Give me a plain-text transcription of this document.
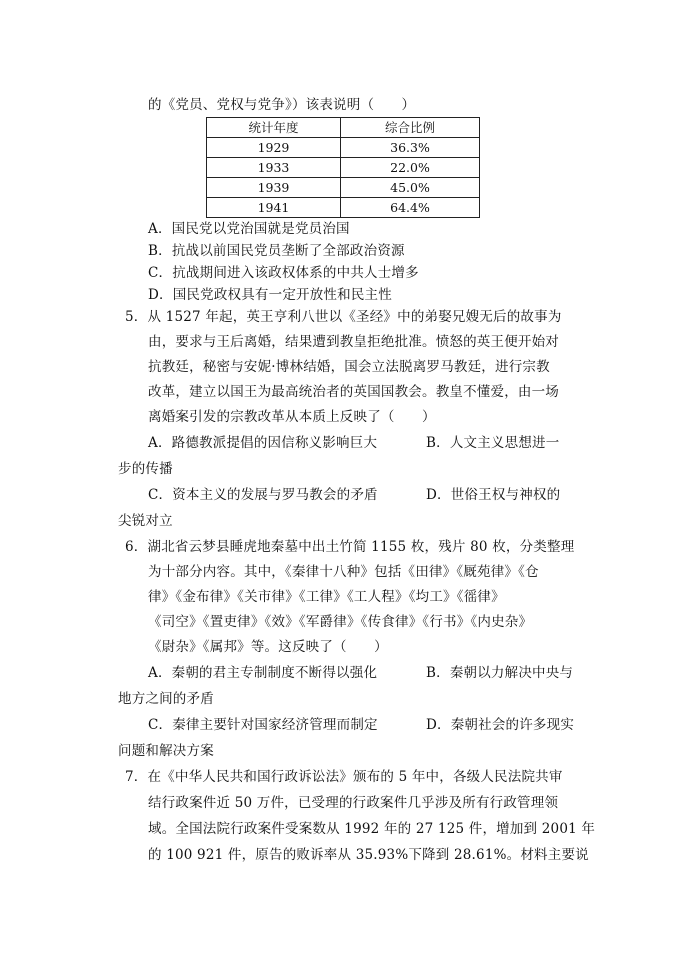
的《党员、党权与党争》）该表说明（　　）
统计年度	综合比例
1929	36.3%
1933	22.0%
1939	45.0%
1941	64.4%
A．国民党以党治国就是党员治国
B．抗战以前国民党员垄断了全部政治资源
C．抗战期间进入该政权体系的中共人士增多
D．国民党政权具有一定开放性和民主性
5．从 1527 年起，英王亨利八世以《圣经》中的弟娶兄嫂无后的故事为
由，要求与王后离婚，结果遭到教皇拒绝批准。愤怒的英王便开始对
抗教廷，秘密与安妮·博林结婚，国会立法脱离罗马教廷，进行宗教
改革，建立以国王为最高统治者的英国国教会。教皇不懂爱，由一场
离婚案引发的宗教改革从本质上反映了（　　）
A．路德教派提倡的因信称义影响巨大	B．人文主义思想进一
步的传播
C．资本主义的发展与罗马教会的矛盾	D．世俗王权与神权的
尖锐对立
6．湖北省云梦县睡虎地秦墓中出土竹简 1155 枚，残片 80 枚，分类整理
为十部分内容。其中，《秦律十八种》包括《田律》《厩苑律》《仓
律》《金布律》《关市律》《工律》《工人程》《均工》《徭律》
《司空》《置吏律》《效》《军爵律》《传食律》《行书》《内史杂》
《尉杂》《属邦》等。这反映了（　　）
A．秦朝的君主专制制度不断得以强化	B．秦朝以力解决中央与
地方之间的矛盾
C．秦律主要针对国家经济管理而制定	D．秦朝社会的许多现实
问题和解决方案
7．在《中华人民共和国行政诉讼法》颁布的 5 年中，各级人民法院共审
结行政案件近 50 万件，已受理的行政案件几乎涉及所有行政管理领
域。全国法院行政案件受案数从 1992 年的 27 125 件，增加到 2001 年
的 100 921 件，原告的败诉率从 35.93%下降到 28.61%。材料主要说
